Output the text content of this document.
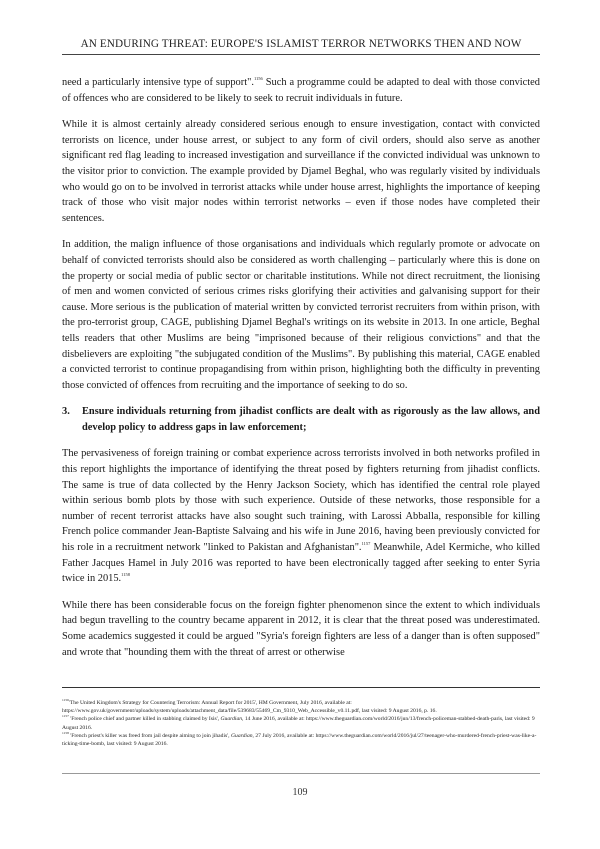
AN ENDURING THREAT: EUROPE'S ISLAMIST TERROR NETWORKS THEN AND NOW

need a particularly intensive type of support".$^{1156}$ Such a programme could be adapted to deal with those convicted of offences who are considered to be likely to seek to recruit individuals in future.

While it is almost certainly already considered serious enough to ensure investigation, contact with convicted terrorists on licence, under house arrest, or subject to any form of civil orders, should also serve as another significant red flag leading to increased investigation and surveillance if the convicted individual was unknown to the visitor prior to conviction. The example provided by Djamel Beghal, who was regularly visited by individuals who would go on to be involved in terrorist attacks while under house arrest, highlights the importance of keeping track of those who visit major nodes within terrorist networks – even if those nodes have completed their sentences.

In addition, the malign influence of those organisations and individuals which regularly promote or advocate on behalf of convicted terrorists should also be considered as worth challenging – particularly where this is done on the property or social media of public sector or charitable institutions. While not direct recruitment, the lionising of men and women convicted of serious crimes risks glorifying their activities and galvanising support for their cause. More serious is the publication of material written by convicted terrorist recruiters from within prison, with the pro-terrorist group, CAGE, publishing Djamel Beghal's writings on its website in 2013. In one article, Beghal tells readers that other Muslims are being "imprisoned because of their religious convictions" and that the disbelievers are exploiting "the subjugated condition of the Muslims". By publishing this material, CAGE enabled a convicted terrorist to continue propagandising from within prison, highlighting both the difficulty in preventing those convicted of offences from recruiting and the importance of seeking to do so.

3.	Ensure individuals returning from jihadist conflicts are dealt with as rigorously as the law allows, and develop policy to address gaps in law enforcement;

The pervasiveness of foreign training or combat experience across terrorists involved in both networks profiled in this report highlights the importance of identifying the threat posed by fighters returning from jihadist conflicts. The same is true of data collected by the Henry Jackson Society, which has identified the central role played within serious bomb plots by those with such experience. Outside of these networks, those responsible for a number of recent terrorist attacks have also sought such training, with Larossi Abballa, responsible for killing French police commander Jean-Baptiste Salvaing and his wife in June 2016, having been previously convicted for his role in a recruitment network "linked to Pakistan and Afghanistan".$^{1157}$ Meanwhile, Adel Kermiche, who killed Father Jacques Hamel in July 2016 was reported to have been electronically tagged after seeking to enter Syria twice in 2015.$^{1158}$

While there has been considerable focus on the foreign fighter phenomenon since the extent to which individuals had begun travelling to the country became apparent in 2012, it is clear that the threat posed was underestimated. Some academics suggested it could be argued "Syria's foreign fighters are less of a danger than is often supposed" and wrote that "hounding them with the threat of arrest or otherwise

$^{1156}$'The United Kingdom's Strategy for Countering Terrorism: Annual Report for 2015', HM Government, July 2016, available at: https://www.gov.uk/government/uploads/system/uploads/attachment_data/file/539683/55469_Cm_9310_Web_Accessible_v0.11.pdf, last visited: 9 August 2016, p. 16.
$^{1157}$ 'French police chief and partner killed in stabbing claimed by Isis', Guardian, 14 June 2016, available at: https://www.theguardian.com/world/2016/jun/13/french-policeman-stabbed-death-paris, last visited: 9 August 2016.
$^{1158}$ 'French priest's killer was freed from jail despite aiming to join jihadis', Guardian, 27 July 2016, available at: https://www.theguardian.com/world/2016/jul/27/teenager-who-murdered-french-priest-was-like-a-ticking-time-bomb, last visited: 9 August 2016.
109
